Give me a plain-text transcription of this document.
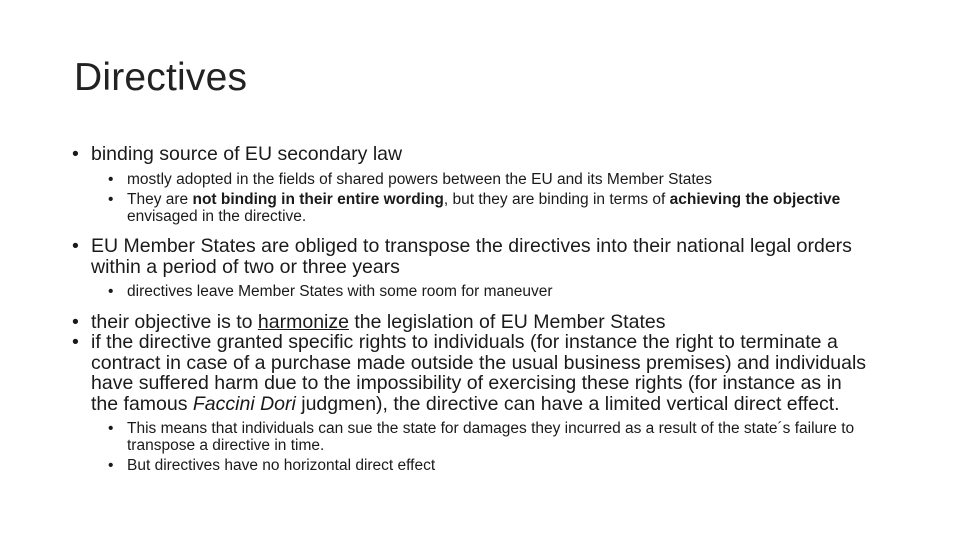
Directives
• binding source of EU secondary law
• mostly adopted in the fields of shared powers between the EU and its Member States
• They are not binding in their entire wording, but they are binding in terms of achieving the objective envisaged in the directive.
• EU Member States are obliged to transpose the directives into their national legal orders within a period of two or three years
• directives leave Member States with some room for maneuver
• their objective is to harmonize the legislation of EU Member States
• if the directive granted specific rights to individuals (for instance the right to terminate a contract in case of a purchase made outside the usual business premises) and individuals have suffered harm due to the impossibility of exercising these rights (for instance as in the famous Faccini Dori judgmen), the directive can have a limited vertical direct effect.
• This means that individuals can sue the state for damages they incurred as a result of the state´s failure to transpose a directive in time.
• But directives have no horizontal direct effect
